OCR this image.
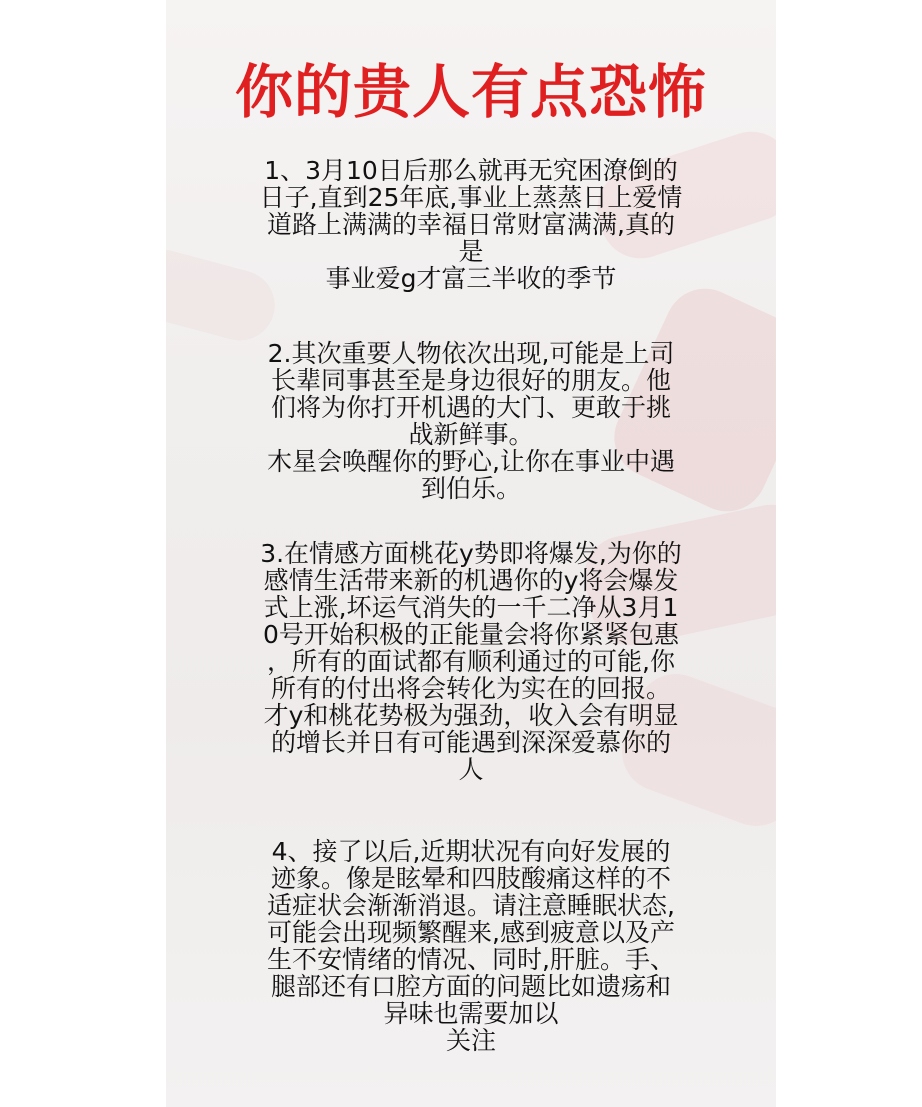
你的贵人有点恐怖
1、3月10日后那么就再无究困潦倒的
日子,直到25年底,事业上蒸蒸日上爱情
道路上满满的幸福日常财富满满,真的
是
事业爱g才富三半收的季节
2.其次重要人物依次出现,可能是上司
长辈同事甚至是身边很好的朋友。他
们将为你打开机遇的大门、更敢于挑
战新鲜事。
木星会唤醒你的野心,让你在事业中遇
到伯乐。
3.在情感方面桃花y势即将爆发,为你的
感情生活带来新的机遇你的y将会爆发
式上涨,坏运气消失的一千二净从3月1
0号开始积极的正能量会将你紧紧包惠
，所有的面试都有顺利通过的可能,你
所有的付出将会转化为实在的回报。
才y和桃花势极为强劲，收入会有明显
的增长并日有可能遇到深深爱慕你的
人
4、接了以后,近期状况有向好发展的
迹象。像是眩晕和四肢酸痛这样的不
适症状会渐渐消退。请注意睡眠状态,
可能会出现频繁醒来,感到疲意以及产
生不安情绪的情况、同时,肝脏。手、
腿部还有口腔方面的问题比如遗疡和
异味也需要加以
关注
